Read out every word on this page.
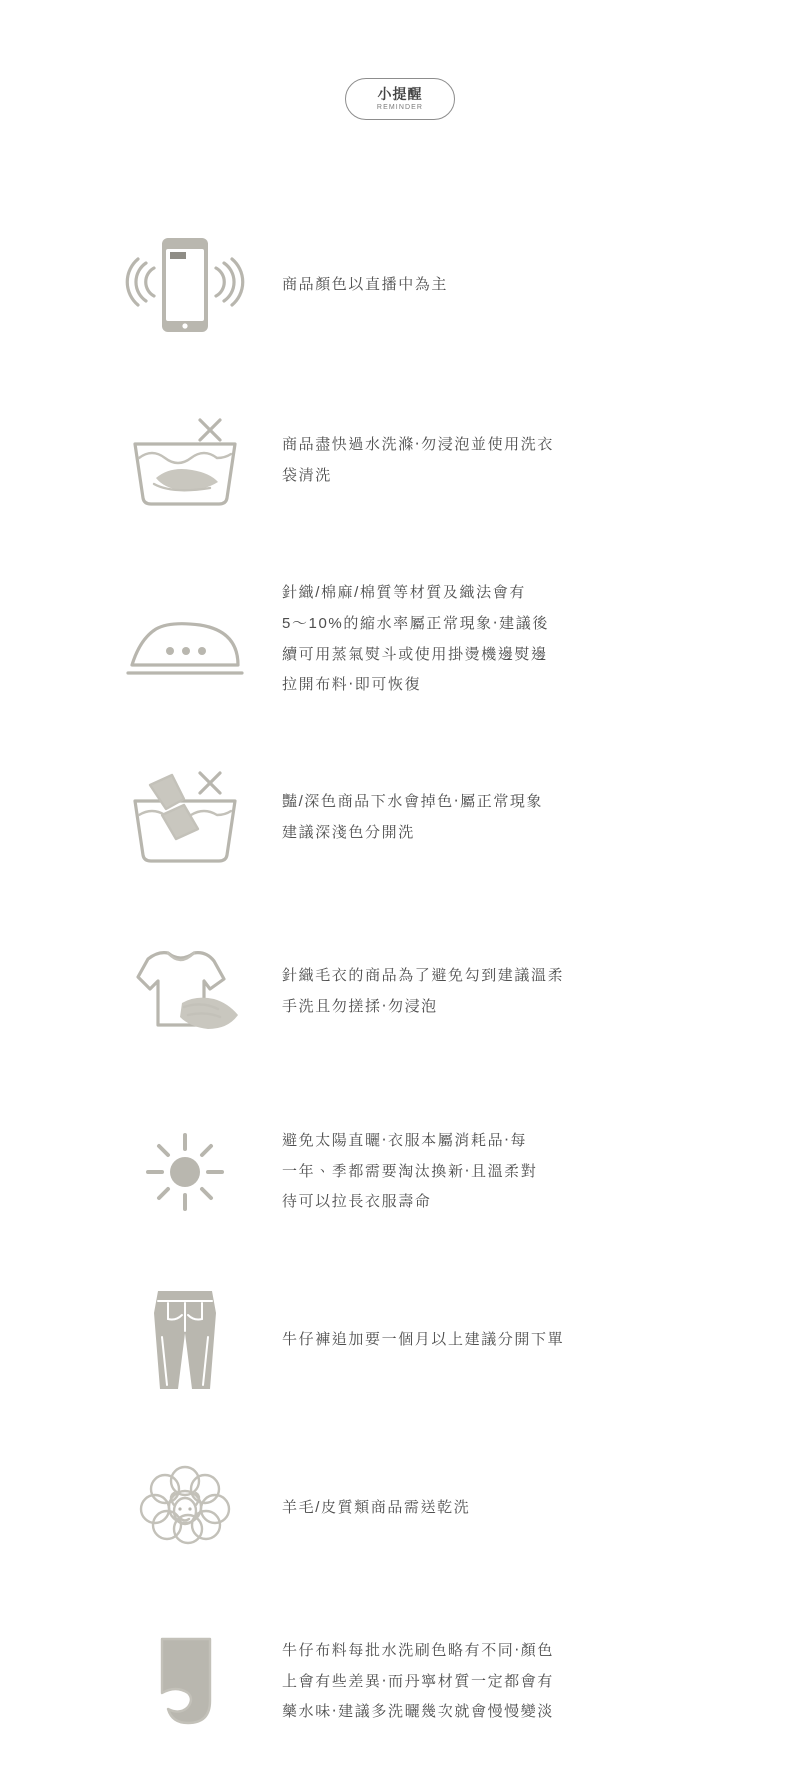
小提醒
REMINDER
商品顏色以直播中為主
商品盡快過水洗滌‧勿浸泡並使用洗衣
袋清洗
針織/棉麻/棉質等材質及織法會有
5～10%的縮水率屬正常現象‧建議後
續可用蒸氣熨斗或使用掛燙機邊熨邊
拉開布料‧即可恢復
豔/深色商品下水會掉色‧屬正常現象
建議深淺色分開洗
針織毛衣的商品為了避免勾到建議溫柔
手洗且勿搓揉‧勿浸泡
避免太陽直曬‧衣服本屬消耗品‧每
一年、季都需要淘汰換新‧且溫柔對
待可以拉長衣服壽命
牛仔褲追加要一個月以上建議分開下單
羊毛/皮質類商品需送乾洗
牛仔布料每批水洗刷色略有不同‧顏色
上會有些差異‧而丹寧材質一定都會有
藥水味‧建議多洗曬幾次就會慢慢變淡
